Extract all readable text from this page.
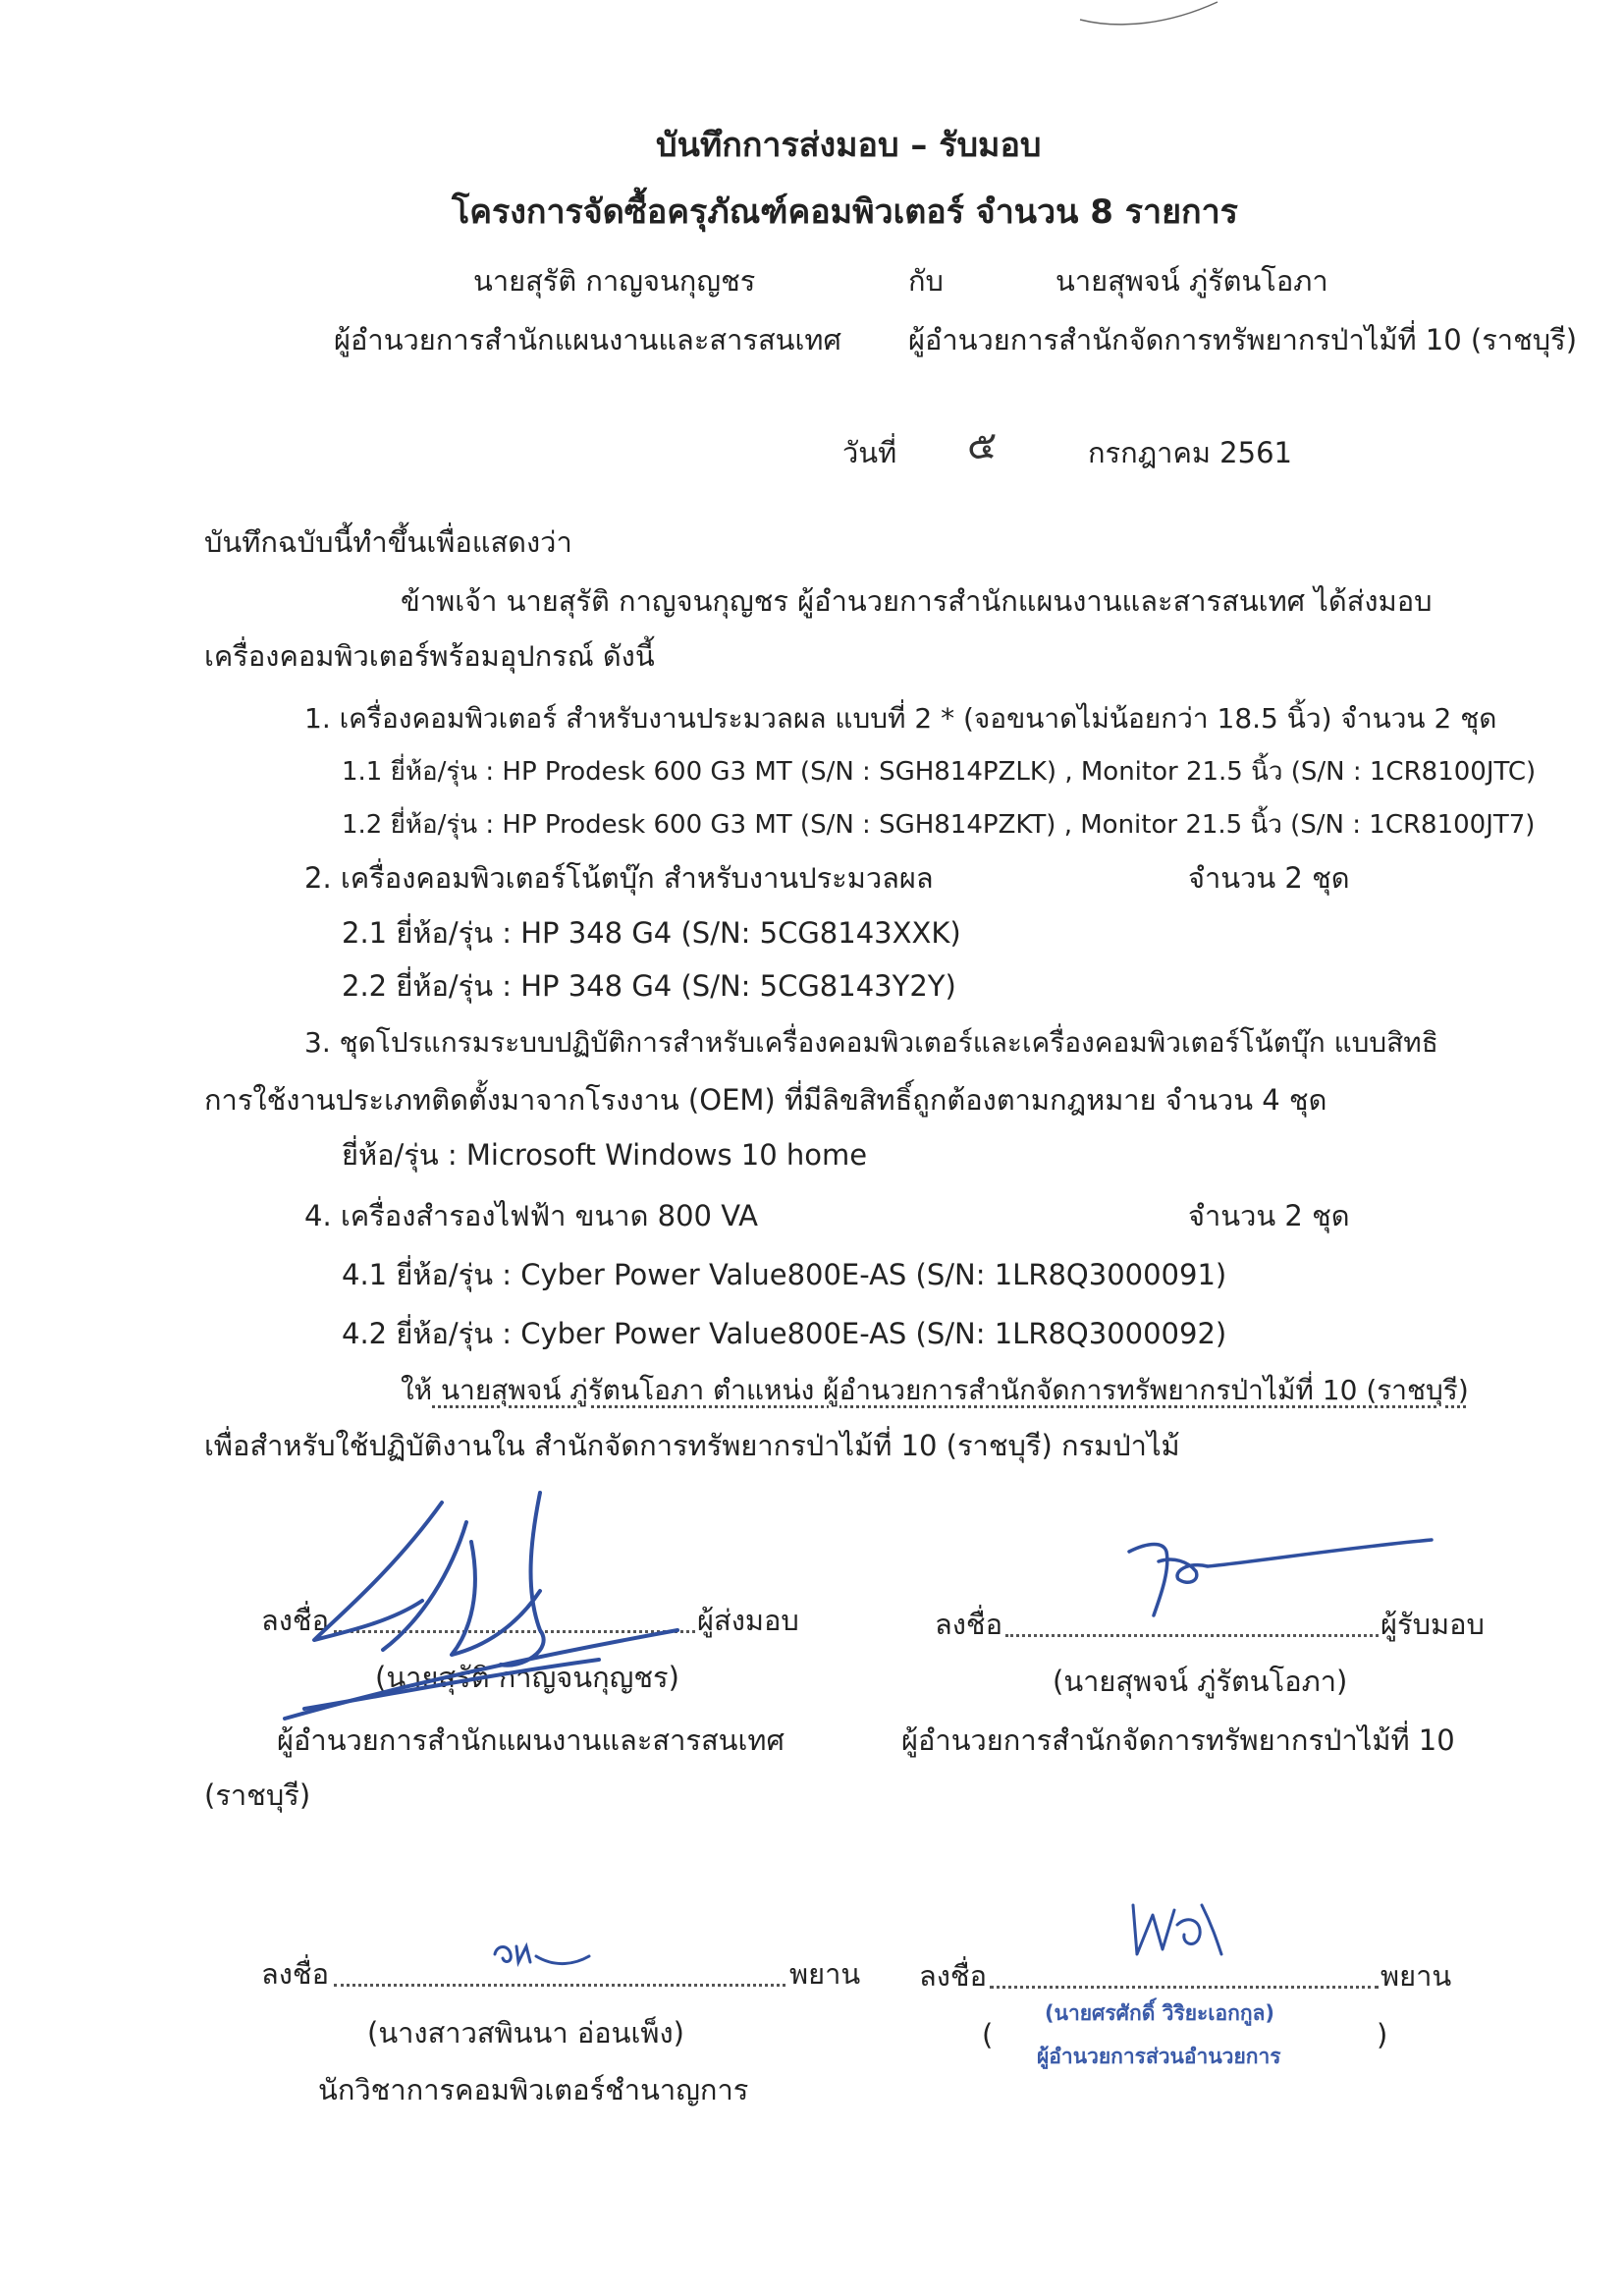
บันทึกการส่งมอบ – รับมอบ
โครงการจัดซื้อครุภัณฑ์คอมพิวเตอร์ จำนวน 8 รายการ
นายสุรัติ กาญจนกุญชร	กับ	นายสุพจน์ ภู่รัตนโอภา
ผู้อำนวยการสำนักแผนงานและสารสนเทศ ผู้อำนวยการสำนักจัดการทรัพยากรป่าไม้ที่ 10 (ราชบุรี)
วันที่ ๕	กรกฎาคม 2561
บันทึกฉบับนี้ทำขึ้นเพื่อแสดงว่า
ข้าพเจ้า นายสุรัติ กาญจนกุญชร ผู้อำนวยการสำนักแผนงานและสารสนเทศ ได้ส่งมอบ
เครื่องคอมพิวเตอร์พร้อมอุปกรณ์ ดังนี้
1. เครื่องคอมพิวเตอร์ สำหรับงานประมวลผล แบบที่ 2 * (จอขนาดไม่น้อยกว่า 18.5 นิ้ว) จำนวน 2 ชุด
1.1 ยี่ห้อ/รุ่น : HP Prodesk 600 G3 MT (S/N : SGH814PZLK) , Monitor 21.5 นิ้ว (S/N : 1CR8100JTC)
1.2 ยี่ห้อ/รุ่น : HP Prodesk 600 G3 MT (S/N : SGH814PZKT) , Monitor 21.5 นิ้ว (S/N : 1CR8100JT7)
2. เครื่องคอมพิวเตอร์โน้ตบุ๊ก สำหรับงานประมวลผล	จำนวน 2 ชุด
2.1 ยี่ห้อ/รุ่น : HP 348 G4 (S/N: 5CG8143XXK)
2.2 ยี่ห้อ/รุ่น : HP 348 G4 (S/N: 5CG8143Y2Y)
3. ชุดโปรแกรมระบบปฏิบัติการสำหรับเครื่องคอมพิวเตอร์และเครื่องคอมพิวเตอร์โน้ตบุ๊ก แบบสิทธิ
การใช้งานประเภทติดตั้งมาจากโรงงาน (OEM) ที่มีลิขสิทธิ์ถูกต้องตามกฎหมาย จำนวน 4 ชุด
ยี่ห้อ/รุ่น : Microsoft Windows 10 home
4. เครื่องสำรองไฟฟ้า ขนาด 800 VA	จำนวน 2 ชุด
4.1 ยี่ห้อ/รุ่น : Cyber Power Value800E-AS (S/N: 1LR8Q3000091)
4.2 ยี่ห้อ/รุ่น : Cyber Power Value800E-AS (S/N: 1LR8Q3000092)
ให้ นายสุพจน์ ภู่รัตนโอภา ตำแหน่ง ผู้อำนวยการสำนักจัดการทรัพยากรป่าไม้ที่ 10 (ราชบุรี)
เพื่อสำหรับใช้ปฏิบัติงานใน สำนักจัดการทรัพยากรป่าไม้ที่ 10 (ราชบุรี) กรมป่าไม้
ลงชื่อ	ผู้ส่งมอบ
(นายสุรัติ กาญจนกุญชร)
ผู้อำนวยการสำนักแผนงานและสารสนเทศ
(ราชบุรี)
ลงชื่อ	ผู้รับมอบ
(นายสุพจน์ ภู่รัตนโอภา)
ผู้อำนวยการสำนักจัดการทรัพยากรป่าไม้ที่ 10
ลงชื่อ	พยาน
(นางสาวสพินนา อ่อนเพ็ง)
นักวิชาการคอมพิวเตอร์ชำนาญการ
ลงชื่อ	พยาน
(	)
(นายศรศักดิ์ วิริยะเอกกูล)
ผู้อำนวยการส่วนอำนวยการ
